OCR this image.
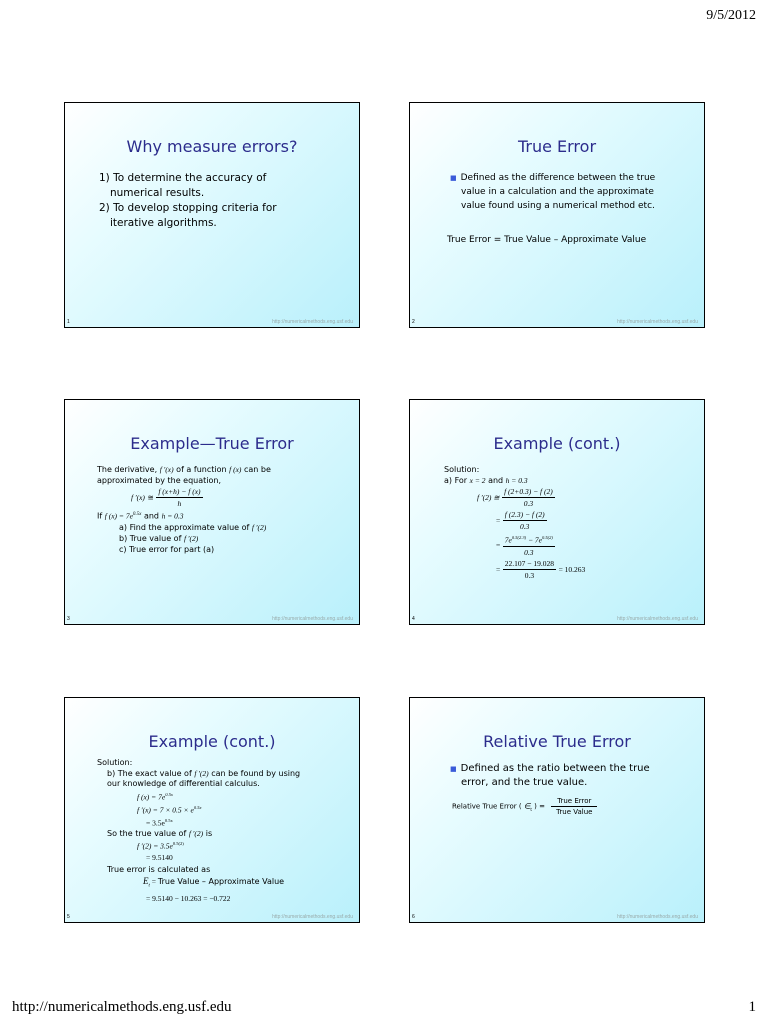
9/5/2012
Why measure errors?
1) To determine the accuracy of
numerical results.
2) To develop stopping criteria for
iterative algorithms.
1	http://numericalmethods.eng.usf.edu
True Error
■ Defined as the difference between the true
value in a calculation and the approximate
value found using a numerical method etc.
True Error = True Value – Approximate Value
2	http://numericalmethods.eng.usf.edu
Example—True Error
The derivative, f ′(x) of a function f (x) can be
approximated by the equation,
f ′(x) ≅ $\frac{f (x+h) - f (x)}{h}$
If f $(x) = 7e^{0.5x}$ and h = 0.3
a) Find the approximate value of f ′(2)
b) True value of f ′(2)
c) True error for part (a)
3	http://numericalmethods.eng.usf.edu
Example (cont.)
Solution:
a) For x = 2 and h = 0.3
f ′(2) ≅ $\frac{f (2+0.3) - f (2)}{0.3}$
= $\frac{f (2.3) - f (2)}{0.3}$
= $\frac{7e^{0.5(2.3)} - 7e^{0.5(2)}}{0.3}$
= $\frac{22.107 - 19.028}{0.3} = 10.263$
4	http://numericalmethods.eng.usf.edu
Example (cont.)
Solution:
b) The exact value of f ′(2) can be found by using
our knowledge of differential calculus.
f $(x) = 7e^{0.5x}$
f $'(x) = 7 \times 0.5 \times e^{0.5x}$
= $3.5e^{0.5x}$
So the true value of f ′(2) is
f $'(2) = 3.5e^{0.5(2)}$
= 9.5140
True error is calculated as
$E_t$ = True Value – Approximate Value
= 9.5140 − 10.263 = −0.722
5	http://numericalmethods.eng.usf.edu
Relative True Error
■ Defined as the ratio between the true
error, and the true value.
Relative True Error ( $\in_t$ ) = $\frac{\text{True Error}}{\text{True Value}}$
6	http://numericalmethods.eng.usf.edu
http://numericalmethods.eng.usf.edu	1
